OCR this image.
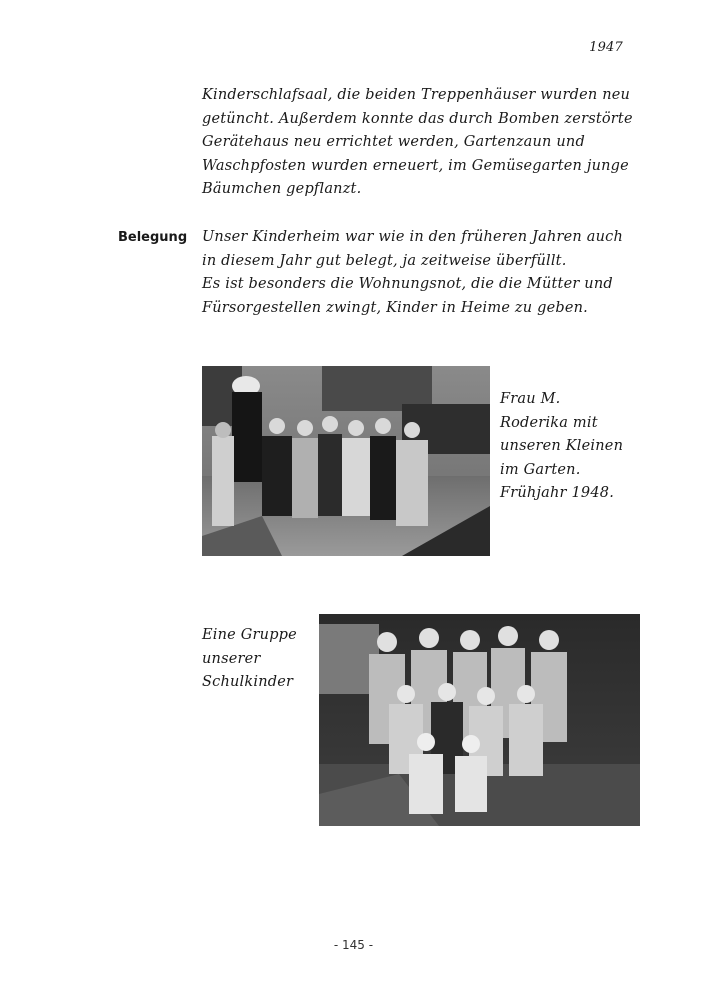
1947
Kinderschlafsaal, die beiden Treppenhäuser wurden neu
getüncht. Außerdem konnte das durch Bomben zerstörte
Gerätehaus neu errichtet werden, Gartenzaun und
Waschpfosten wurden erneuert, im Gemüsegarten junge
Bäumchen gepflanzt.
Belegung Unser Kinderheim war wie in den früheren Jahren auch
in diesem Jahr gut belegt, ja zeitweise überfüllt.
Es ist besonders die Wohnungsnot, die die Mütter und
Fürsorgestellen zwingt, Kinder in Heime zu geben.
Frau M.
Roderika mit
unseren Kleinen
im Garten.
Frühjahr 1948.
Eine Gruppe
unserer
Schulkinder
- 145 -
